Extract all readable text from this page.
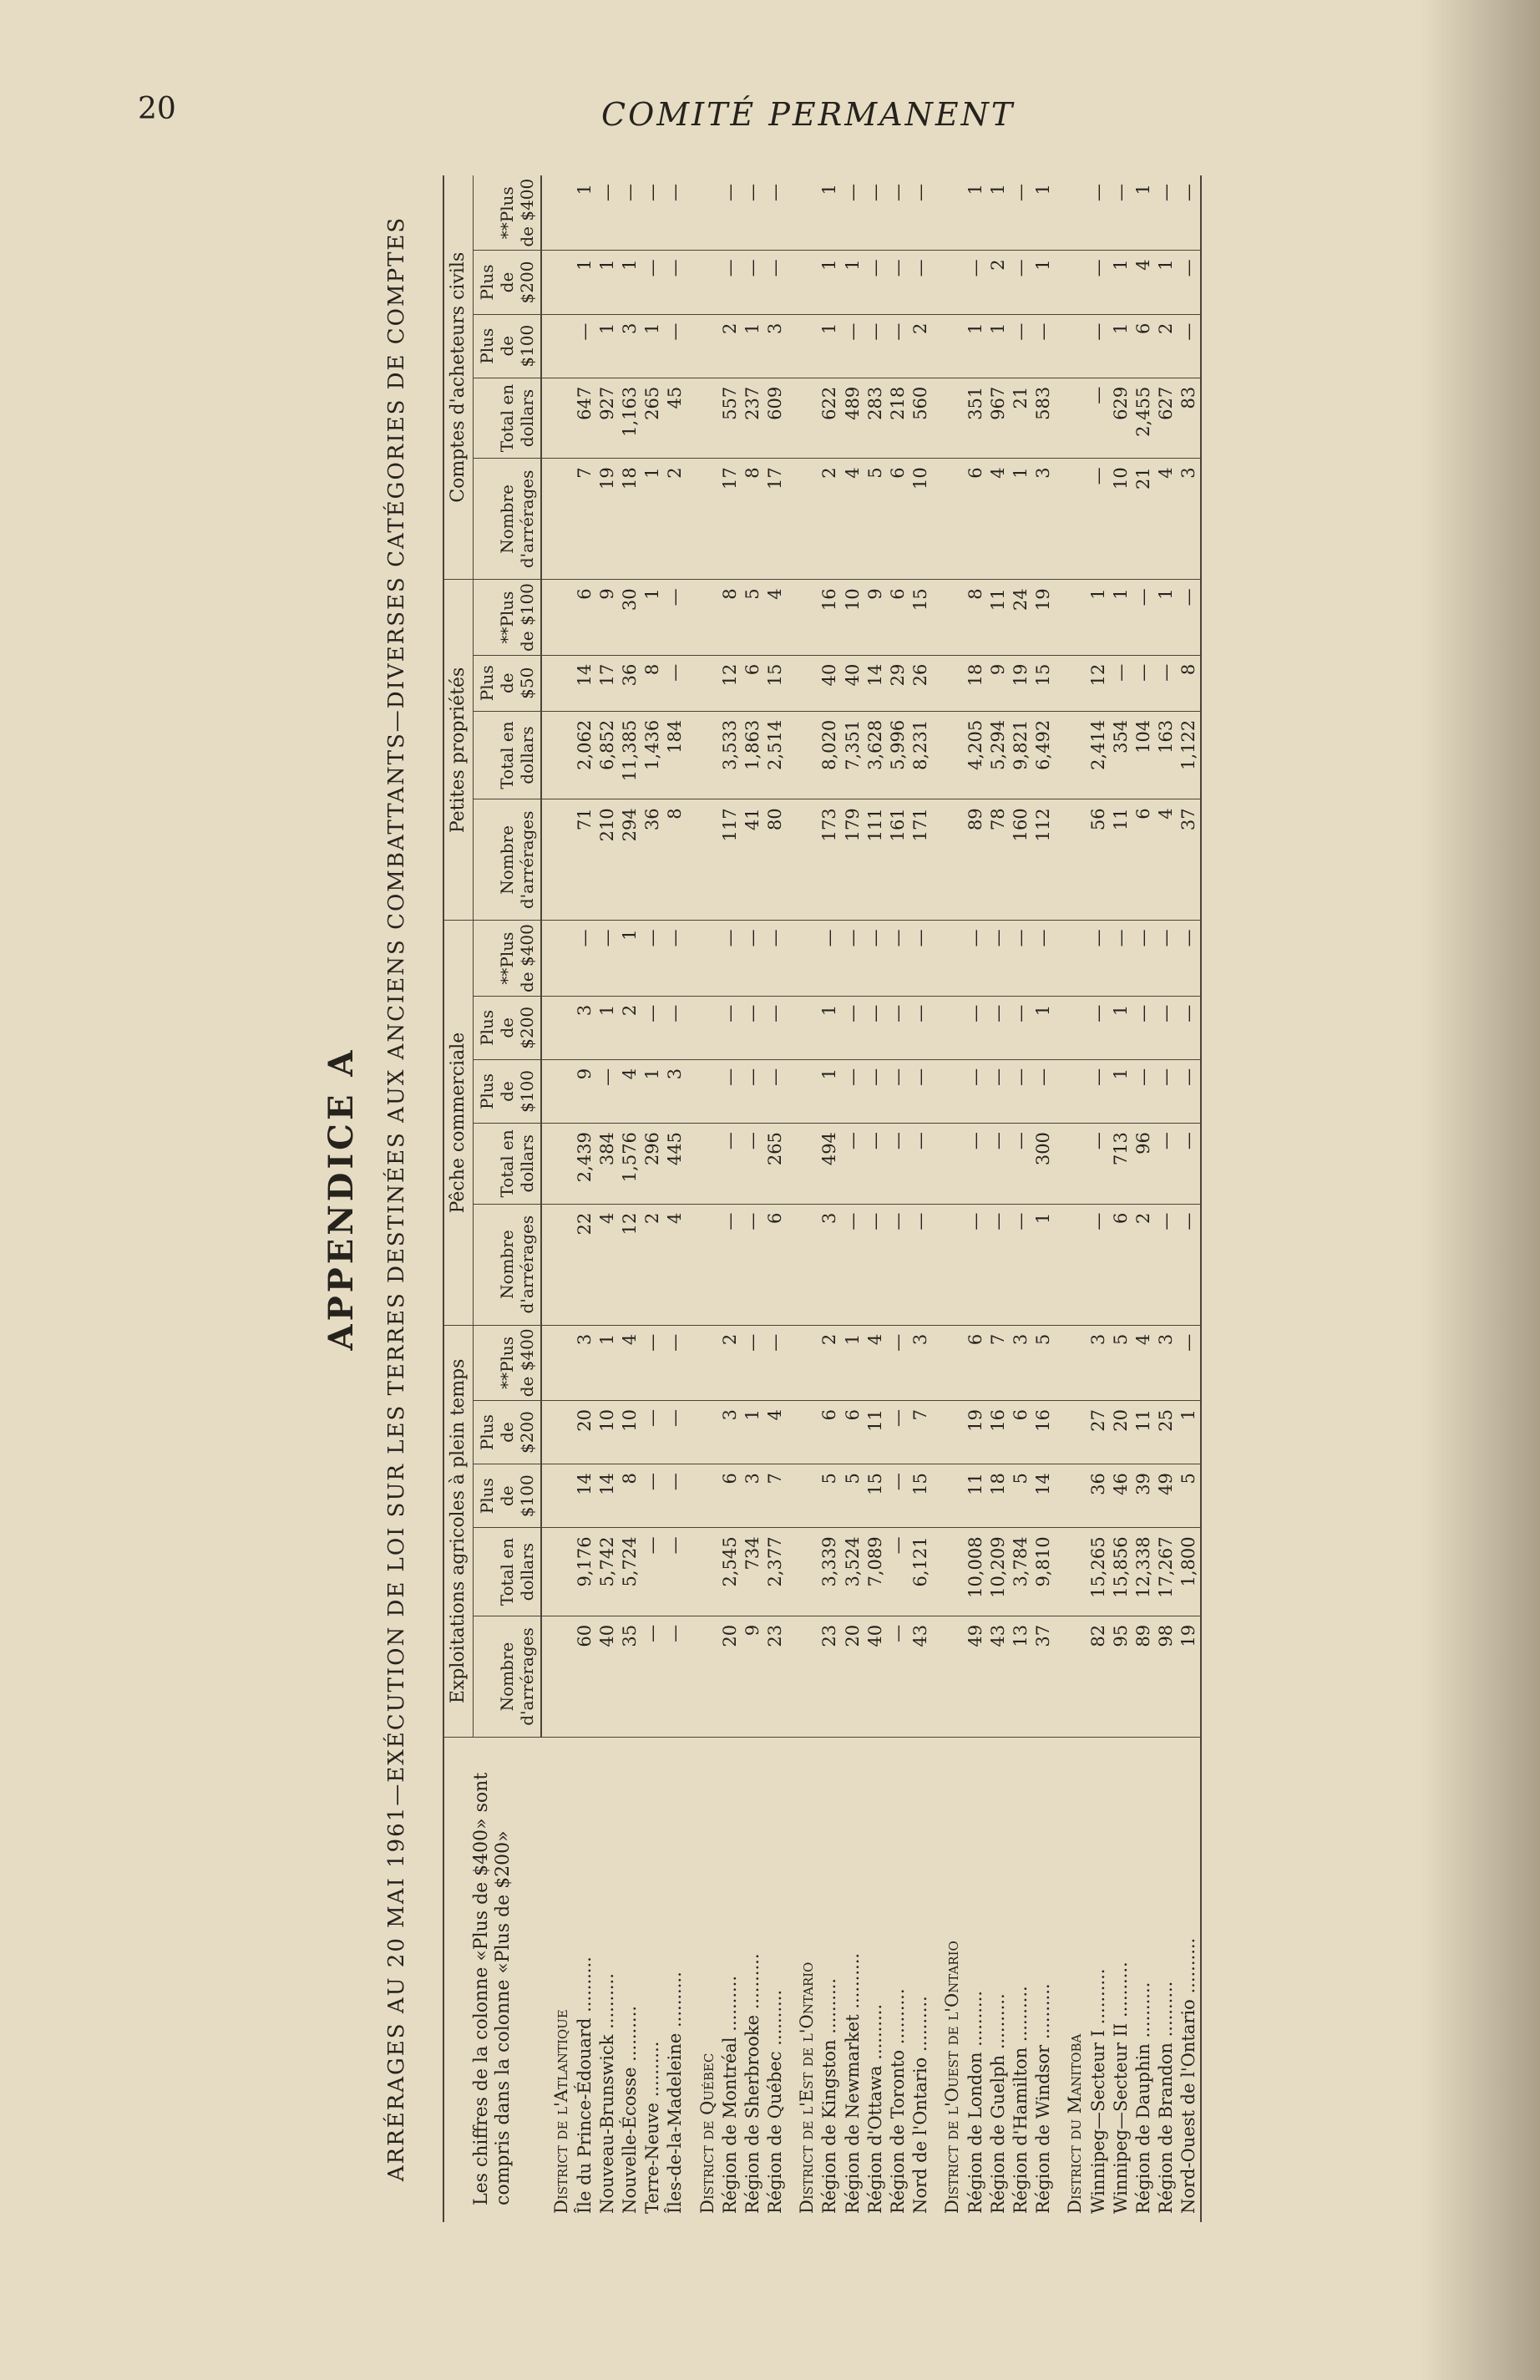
20	COMITÉ PERMANENT
APPENDICE A ARRÉRAGES AU 20 MAI 1961—EXÉCUTION DE LOI SUR LES TERRES DESTINÉES AUX ANCIENS COMBATTANTS—DIVERSES CATÉGORIES DE COMPTES	Les chiffres de la colonne «Plus de $400» sont compris dans la colonne «Plus de $200»	Exploitations agricoles à plein temps					Pêche commerciale					Petites propriétés				Comptes d'acheteurs civils				
	Nombre d'arrérages	Total en dollars	Plus de $100	Plus de $200	**Plus de $400	Nombre d'arrérages	Total en dollars	Plus de $100	Plus de $200	**Plus de $400	Nombre d'arrérages	Total en dollars	Plus de $50	**Plus de $100	Nombre d'arrérages	Total en dollars	Plus de $100	Plus de $200	**Plus de $400
District de l'Atlantique																			
Île du Prince-Édouard ..........	60	9,176	14	20	3	22	2,439	9	3	—	71	2,062	14	6	7	647	—	1	1
Nouveau-Brunswick ..........	40	5,742	14	10	1	4	384	—	1	—	210	6,852	17	9	19	927	1	1	—
Nouvelle-Écosse ..........	35	5,724	8	10	4	12	1,576	4	2	1	294	11,385	36	30	18	1,163	3	1	—
Terre-Neuve ..........	—	—	—	—	—	2	296	1	—	—	36	1,436	8	1	1	265	1	—	—
Îles-de-la-Madeleine ..........	—	—	—	—	—	4	445	3	—	—	8	184	—	—	2	45	—	—	—
District de Québec																			
Région de Montréal ..........	20	2,545	6	3	2	—	—	—	—	—	117	3,533	12	8	17	557	2	—	—
Région de Sherbrooke ..........	9	734	3	1	—	—	—	—	—	—	41	1,863	6	5	8	237	1	—	—
Région de Québec ..........	23	2,377	7	4	—	6	265	—	—	—	80	2,514	15	4	17	609	3	—	—
District de l'Est de l'Ontario																			
Région de Kingston ..........	23	3,339	5	6	2	3	494	1	1	—	173	8,020	40	16	2	622	1	1	1
Région de Newmarket ..........	20	3,524	5	6	1	—	—	—	—	—	179	7,351	40	10	4	489	—	1	—
Région d'Ottawa ..........	40	7,089	15	11	4	—	—	—	—	—	111	3,628	14	9	5	283	—	—	—
Région de Toronto ..........	—	—	—	—	—	—	—	—	—	—	161	5,996	29	6	6	218	—	—	—
Nord de l'Ontario ..........	43	6,121	15	7	3	—	—	—	—	—	171	8,231	26	15	10	560	2	—	—
District de l'Ouest de l'Ontario																			
Région de London ..........	49	10,008	11	19	6	—	—	—	—	—	89	4,205	18	8	6	351	1	—	1
Région de Guelph ..........	43	10,209	18	16	7	—	—	—	—	—	78	5,294	9	11	4	967	1	2	1
Région d'Hamilton ..........	13	3,784	5	6	3	—	—	—	—	—	160	9,821	19	24	1	21	—	—	—
Région de Windsor ..........	37	9,810	14	16	5	1	300	—	1	—	112	6,492	15	19	3	583	—	1	1
District du Manitoba																			
Winnipeg—Secteur I ..........	82	15,265	36	27	3	—	—	—	—	—	56	2,414	12	1	—	—	—	—	—
Winnipeg—Secteur II ..........	95	15,856	46	20	5	6	713	1	1	—	11	354	—	1	10	629	1	1	—
Région de Dauphin ..........	89	12,338	39	11	4	2	96	—	—	—	6	104	—	—	21	2,455	6	4	1
Région de Brandon ..........	98	17,267	49	25	3	—	—	—	—	—	4	163	—	1	4	627	2	1	—
Nord-Ouest de l'Ontario ..........	19	1,800	5	1	—	—	—	—	—	—	37	1,122	8	—	3	83	—	—	—
